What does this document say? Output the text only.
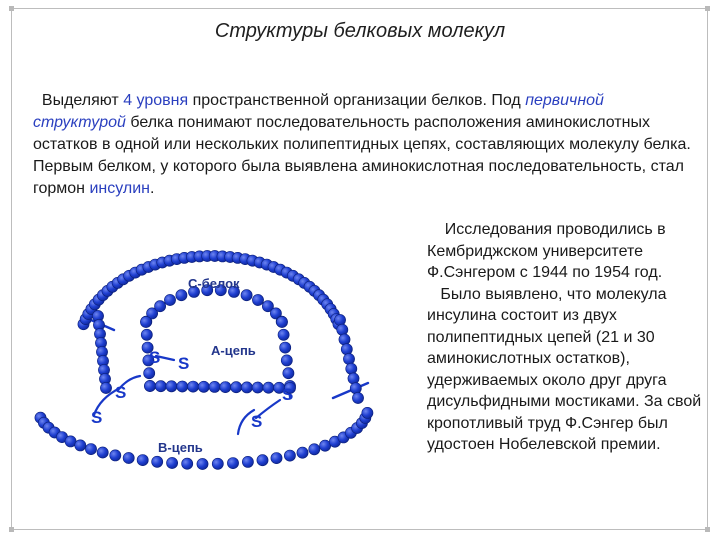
Структуры белковых молекул

Выделяют 4 уровня пространственной организации белков. Под первичной структурой белка понимают последовательность расположения аминокислотных остатков в одной или нескольких полипептидных цепях, составляющих молекулу белка. Первым белком, у которого была выявлена аминокислотная последовательность, стал гормон инсулин.

Исследования проводились в Кембриджском университете Ф.Сэнгером с 1944 по 1954 год.
Было выявлено, что молекула инсулина состоит из двух полипептидных цепей (21 и 30 аминокислотных остатков), удерживаемых около друг друга дисульфидными мостиками. За свой кропотливый труд Ф.Сэнгер был удостоен Нобелевской премии.
С-белок
А-цепь
В-цепь
S S
S
S
S
S
